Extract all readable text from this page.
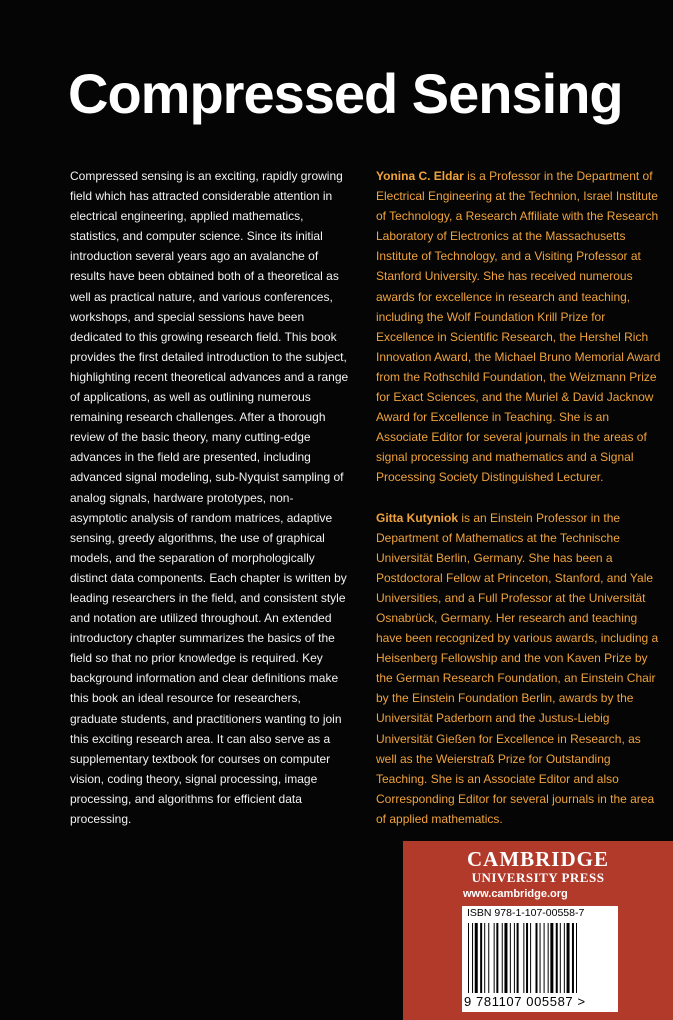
Compressed Sensing
Compressed sensing is an exciting, rapidly growing field which has attracted considerable attention in electrical engineering, applied mathematics, statistics, and computer science. Since its initial introduction several years ago an avalanche of results have been obtained both of a theoretical as well as practical nature, and various conferences, workshops, and special sessions have been dedicated to this growing research field. This book provides the first detailed introduction to the subject, highlighting recent theoretical advances and a range of applications, as well as outlining numerous remaining research challenges. After a thorough review of the basic theory, many cutting-edge advances in the field are presented, including advanced signal modeling, sub-Nyquist sampling of analog signals, hardware prototypes, non-asymptotic analysis of random matrices, adaptive sensing, greedy algorithms, the use of graphical models, and the separation of morphologically distinct data components. Each chapter is written by leading researchers in the field, and consistent style and notation are utilized throughout. An extended introductory chapter summarizes the basics of the field so that no prior knowledge is required. Key background information and clear definitions make this book an ideal resource for researchers, graduate students, and practitioners wanting to join this exciting research area. It can also serve as a supplementary textbook for courses on computer vision, coding theory, signal processing, image processing, and algorithms for efficient data processing.

Yonina C. Eldar is a Professor in the Department of Electrical Engineering at the Technion, Israel Institute of Technology, a Research Affiliate with the Research Laboratory of Electronics at the Massachusetts Institute of Technology, and a Visiting Professor at Stanford University. She has received numerous awards for excellence in research and teaching, including the Wolf Foundation Krill Prize for Excellence in Scientific Research, the Hershel Rich Innovation Award, the Michael Bruno Memorial Award from the Rothschild Foundation, the Weizmann Prize for Exact Sciences, and the Muriel & David Jacknow Award for Excellence in Teaching. She is an Associate Editor for several journals in the areas of signal processing and mathematics and a Signal Processing Society Distinguished Lecturer.

Gitta Kutyniok is an Einstein Professor in the Department of Mathematics at the Technische Universität Berlin, Germany. She has been a Postdoctoral Fellow at Princeton, Stanford, and Yale Universities, and a Full Professor at the Universität Osnabrück, Germany. Her research and teaching have been recognized by various awards, including a Heisenberg Fellowship and the von Kaven Prize by the German Research Foundation, an Einstein Chair by the Einstein Foundation Berlin, awards by the Universität Paderborn and the Justus-Liebig Universität Gießen for Excellence in Research, as well as the Weierstraß Prize for Outstanding Teaching. She is an Associate Editor and also Corresponding Editor for several journals in the area of applied mathematics.

CAMBRIDGE
UNIVERSITY PRESS
www.cambridge.org
ISBN 978-1-107-00558-7
9 781107 005587 >
